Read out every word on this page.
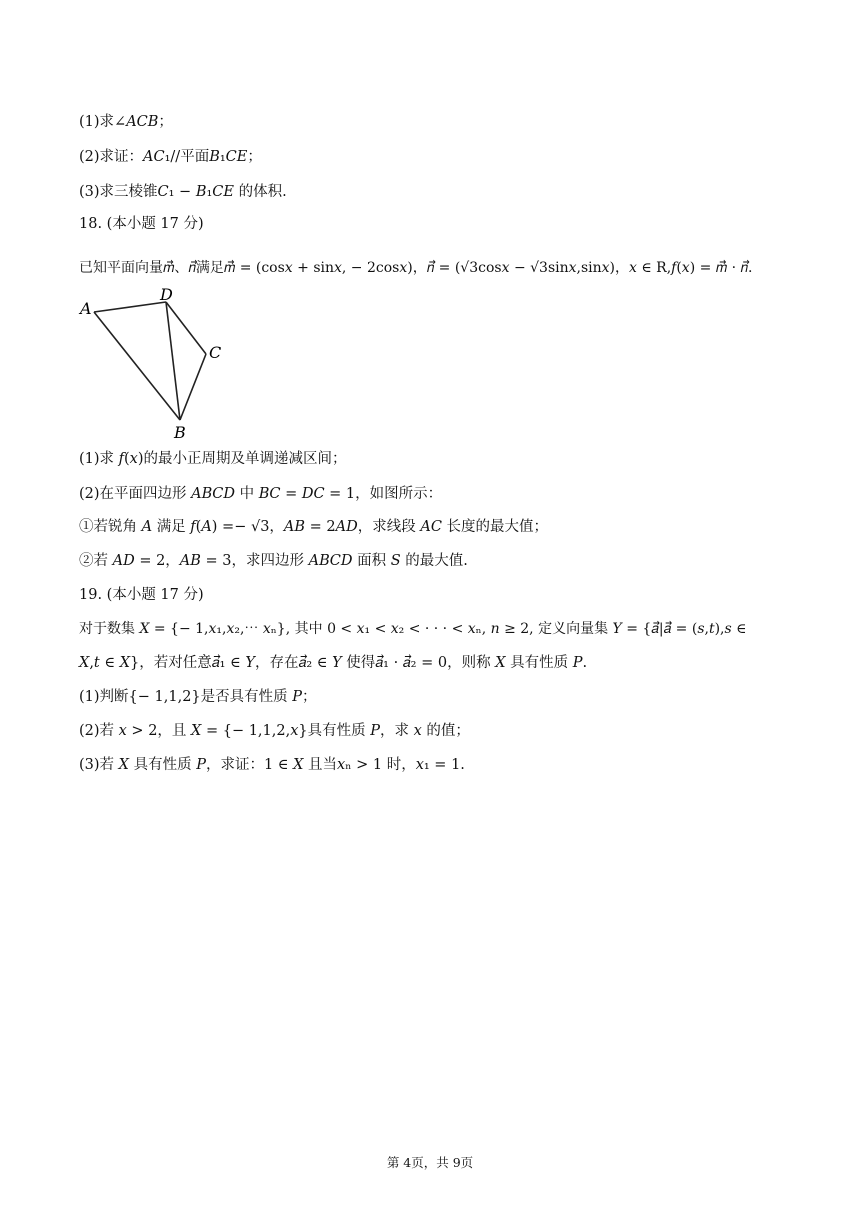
(1)求∠𝐴𝐶𝐵；
(2)求证：𝐴𝐶₁//平面𝐵₁𝐶𝐸；
(3)求三棱锥𝐶₁ − 𝐵₁𝐶𝐸 的体积.
18. (本小题 17 分)
已知平面向量𝑚⃗、𝑛⃗满足𝑚⃗ = (cos𝑥 + sin𝑥, − 2cos𝑥)，𝑛⃗ = (√3cos𝑥 − √3sin𝑥,sin𝑥)，𝑥 ∈ R,𝑓(𝑥) = 𝑚⃗ · 𝑛⃗.
A
D
C
B
(1)求 𝑓(𝑥)的最小正周期及单调递减区间；
(2)在平面四边形 𝐴𝐵𝐶𝐷 中 𝐵𝐶 = 𝐷𝐶 = 1，如图所示：
①若锐角 𝐴 满足 𝑓(𝐴) =− √3，𝐴𝐵 = 2𝐴𝐷，求线段 𝐴𝐶 长度的最大值；
②若 𝐴𝐷 = 2，𝐴𝐵 = 3，求四边形 𝐴𝐵𝐶𝐷 面积 𝑆 的最大值.
19. (本小题 17 分)
对于数集 𝑋 = {− 1,𝑥₁,𝑥₂,⋯ 𝑥ₙ}, 其中 0 < 𝑥₁ < 𝑥₂ < · · · < 𝑥ₙ, 𝑛 ≥ 2, 定义向量集 𝑌 = {𝑎⃗|𝑎⃗ = (𝑠,𝑡),𝑠 ∈
𝑋,𝑡 ∈ 𝑋}，若对任意𝑎⃗₁ ∈ 𝑌，存在𝑎⃗₂ ∈ 𝑌 使得𝑎⃗₁ · 𝑎⃗₂ = 0，则称 𝑋 具有性质 𝑃.
(1)判断{− 1,1,2}是否具有性质 𝑃；
(2)若 𝑥 > 2，且 𝑋 = {− 1,1,2,𝑥}具有性质 𝑃，求 𝑥 的值；
(3)若 𝑋 具有性质 𝑃，求证：1 ∈ 𝑋 且当𝑥ₙ > 1 时，𝑥₁ = 1.
第 4页，共 9页
